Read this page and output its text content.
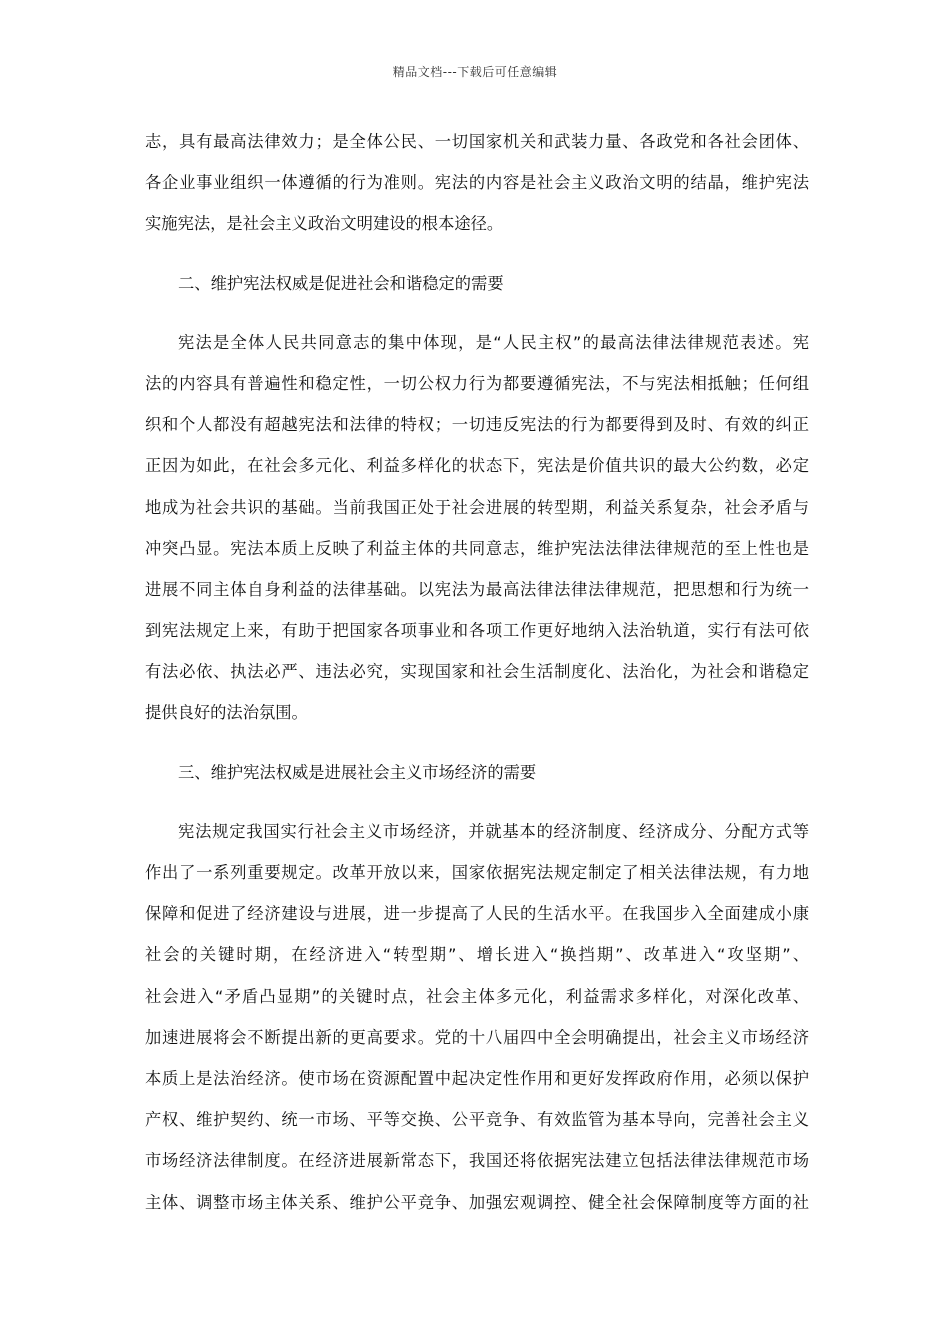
精品文档---下载后可任意编辑
志，具有最高法律效力；是全体公民、一切国家机关和武装力量、各政党和各社会团体、
各企业事业组织一体遵循的行为准则。宪法的内容是社会主义政治文明的结晶，维护宪法
实施宪法，是社会主义政治文明建设的根本途径。
二、维护宪法权威是促进社会和谐稳定的需要
宪法是全体人民共同意志的集中体现，是“人民主权”的最高法律法律规范表述。宪
法的内容具有普遍性和稳定性，一切公权力行为都要遵循宪法，不与宪法相抵触；任何组
织和个人都没有超越宪法和法律的特权；一切违反宪法的行为都要得到及时、有效的纠正
正因为如此，在社会多元化、利益多样化的状态下，宪法是价值共识的最大公约数，必定
地成为社会共识的基础。当前我国正处于社会进展的转型期，利益关系复杂，社会矛盾与
冲突凸显。宪法本质上反映了利益主体的共同意志，维护宪法法律法律规范的至上性也是
进展不同主体自身利益的法律基础。以宪法为最高法律法律法律规范，把思想和行为统一
到宪法规定上来，有助于把国家各项事业和各项工作更好地纳入法治轨道，实行有法可依
有法必依、执法必严、违法必究，实现国家和社会生活制度化、法治化，为社会和谐稳定
提供良好的法治氛围。
三、维护宪法权威是进展社会主义市场经济的需要
宪法规定我国实行社会主义市场经济，并就基本的经济制度、经济成分、分配方式等
作出了一系列重要规定。改革开放以来，国家依据宪法规定制定了相关法律法规，有力地
保障和促进了经济建设与进展，进一步提高了人民的生活水平。在我国步入全面建成小康
社会的关键时期，在经济进入“转型期”、增长进入“换挡期”、改革进入“攻坚期”、
社会进入“矛盾凸显期”的关键时点，社会主体多元化，利益需求多样化，对深化改革、
加速进展将会不断提出新的更高要求。党的十八届四中全会明确提出，社会主义市场经济
本质上是法治经济。使市场在资源配置中起决定性作用和更好发挥政府作用，必须以保护
产权、维护契约、统一市场、平等交换、公平竞争、有效监管为基本导向，完善社会主义
市场经济法律制度。在经济进展新常态下，我国还将依据宪法建立包括法律法律规范市场
主体、调整市场主体关系、维护公平竞争、加强宏观调控、健全社会保障制度等方面的社
